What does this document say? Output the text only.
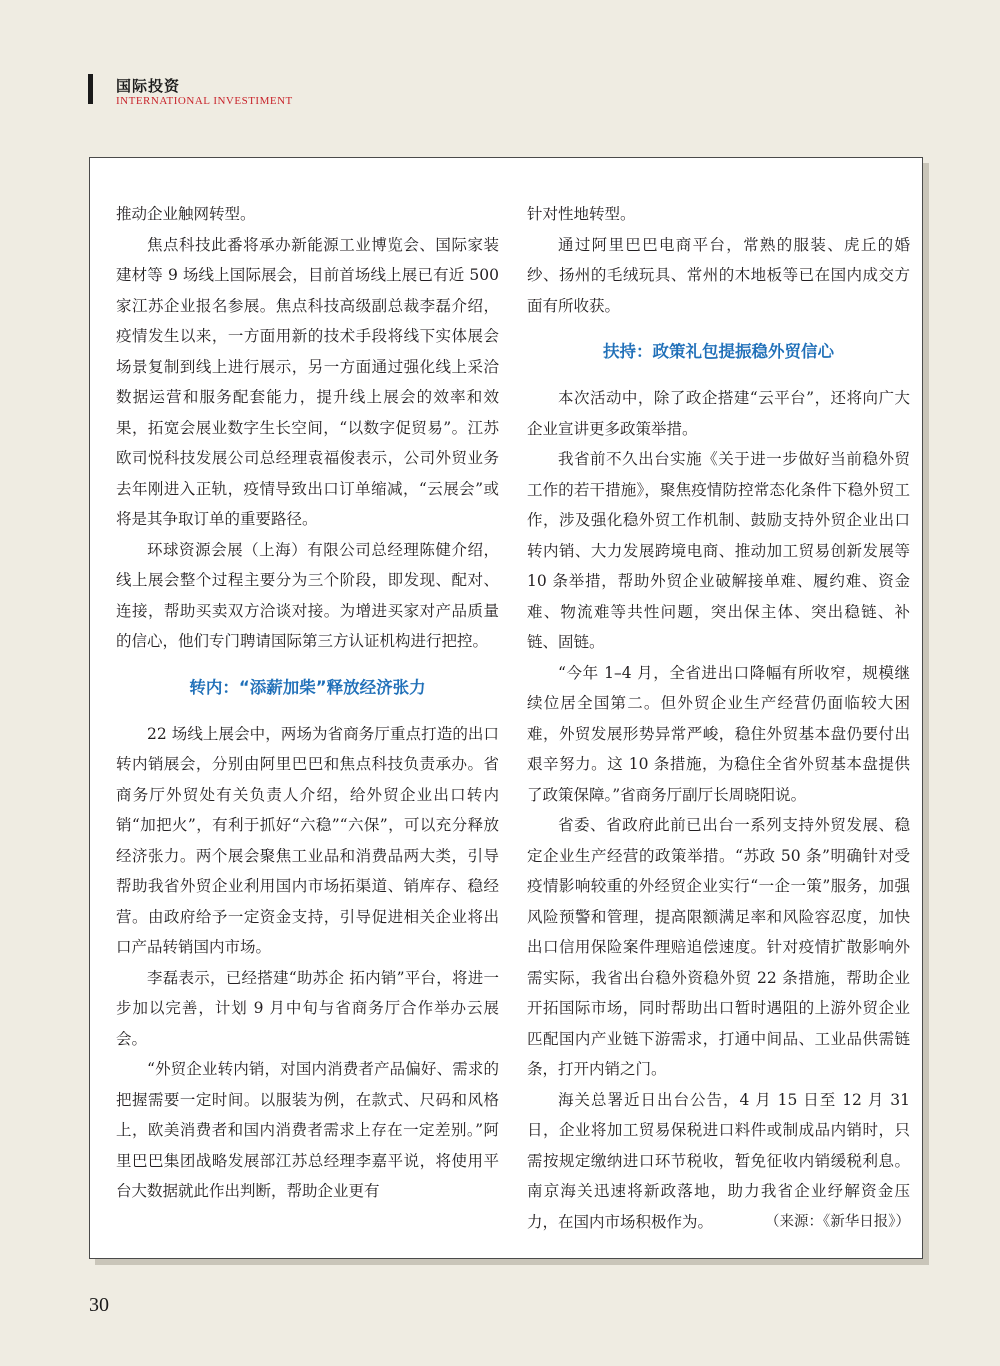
国际投资
INTERNATIONAL INVESTIMENT

推动企业触网转型。

焦点科技此番将承办新能源工业博览会、国际家装建材等 9 场线上国际展会，目前首场线上展已有近 500 家江苏企业报名参展。焦点科技高级副总裁李磊介绍，疫情发生以来，一方面用新的技术手段将线下实体展会场景复制到线上进行展示，另一方面通过强化线上采洽数据运营和服务配套能力，提升线上展会的效率和效果，拓宽会展业数字生长空间，“以数字促贸易”。江苏欧司悦科技发展公司总经理袁福俊表示，公司外贸业务去年刚进入正轨，疫情导致出口订单缩减，“云展会”或将是其争取订单的重要路径。

环球资源会展（上海）有限公司总经理陈健介绍，线上展会整个过程主要分为三个阶段，即发现、配对、连接，帮助买卖双方洽谈对接。为增进买家对产品质量的信心，他们专门聘请国际第三方认证机构进行把控。

转内：“添薪加柴”释放经济张力

22 场线上展会中，两场为省商务厅重点打造的出口转内销展会，分别由阿里巴巴和焦点科技负责承办。省商务厅外贸处有关负责人介绍，给外贸企业出口转内销“加把火”，有利于抓好“六稳”“六保”，可以充分释放经济张力。两个展会聚焦工业品和消费品两大类，引导帮助我省外贸企业利用国内市场拓渠道、销库存、稳经营。由政府给予一定资金支持，引导促进相关企业将出口产品转销国内市场。

李磊表示，已经搭建“助苏企 拓内销”平台，将进一步加以完善，计划 9 月中旬与省商务厅合作举办云展会。

“外贸企业转内销，对国内消费者产品偏好、需求的把握需要一定时间。以服装为例，在款式、尺码和风格上，欧美消费者和国内消费者需求上存在一定差别。”阿里巴巴集团战略发展部江苏总经理李嘉平说，将使用平台大数据就此作出判断，帮助企业更有

针对性地转型。

通过阿里巴巴电商平台，常熟的服装、虎丘的婚纱、扬州的毛绒玩具、常州的木地板等已在国内成交方面有所收获。

扶持：政策礼包提振稳外贸信心

本次活动中，除了政企搭建“云平台”，还将向广大企业宣讲更多政策举措。

我省前不久出台实施《关于进一步做好当前稳外贸工作的若干措施》，聚焦疫情防控常态化条件下稳外贸工作，涉及强化稳外贸工作机制、鼓励支持外贸企业出口转内销、大力发展跨境电商、推动加工贸易创新发展等 10 条举措，帮助外贸企业破解接单难、履约难、资金难、物流难等共性问题，突出保主体、突出稳链、补链、固链。

“今年 1–4 月，全省进出口降幅有所收窄，规模继续位居全国第二。但外贸企业生产经营仍面临较大困难，外贸发展形势异常严峻，稳住外贸基本盘仍要付出艰辛努力。这 10 条措施，为稳住全省外贸基本盘提供了政策保障。”省商务厅副厅长周晓阳说。

省委、省政府此前已出台一系列支持外贸发展、稳定企业生产经营的政策举措。“苏政 50 条”明确针对受疫情影响较重的外经贸企业实行“一企一策”服务，加强风险预警和管理，提高限额满足率和风险容忍度，加快出口信用保险案件理赔追偿速度。针对疫情扩散影响外需实际，我省出台稳外资稳外贸 22 条措施，帮助企业开拓国际市场，同时帮助出口暂时遇阻的上游外贸企业匹配国内产业链下游需求，打通中间品、工业品供需链条，打开内销之门。

海关总署近日出台公告，4 月 15 日至 12 月 31 日，企业将加工贸易保税进口料件或制成品内销时，只需按规定缴纳进口环节税收，暂免征收内销缓税利息。南京海关迅速将新政落地，助力我省企业纾解资金压力，在国内市场积极作为。	（来源：《新华日报》）

30
